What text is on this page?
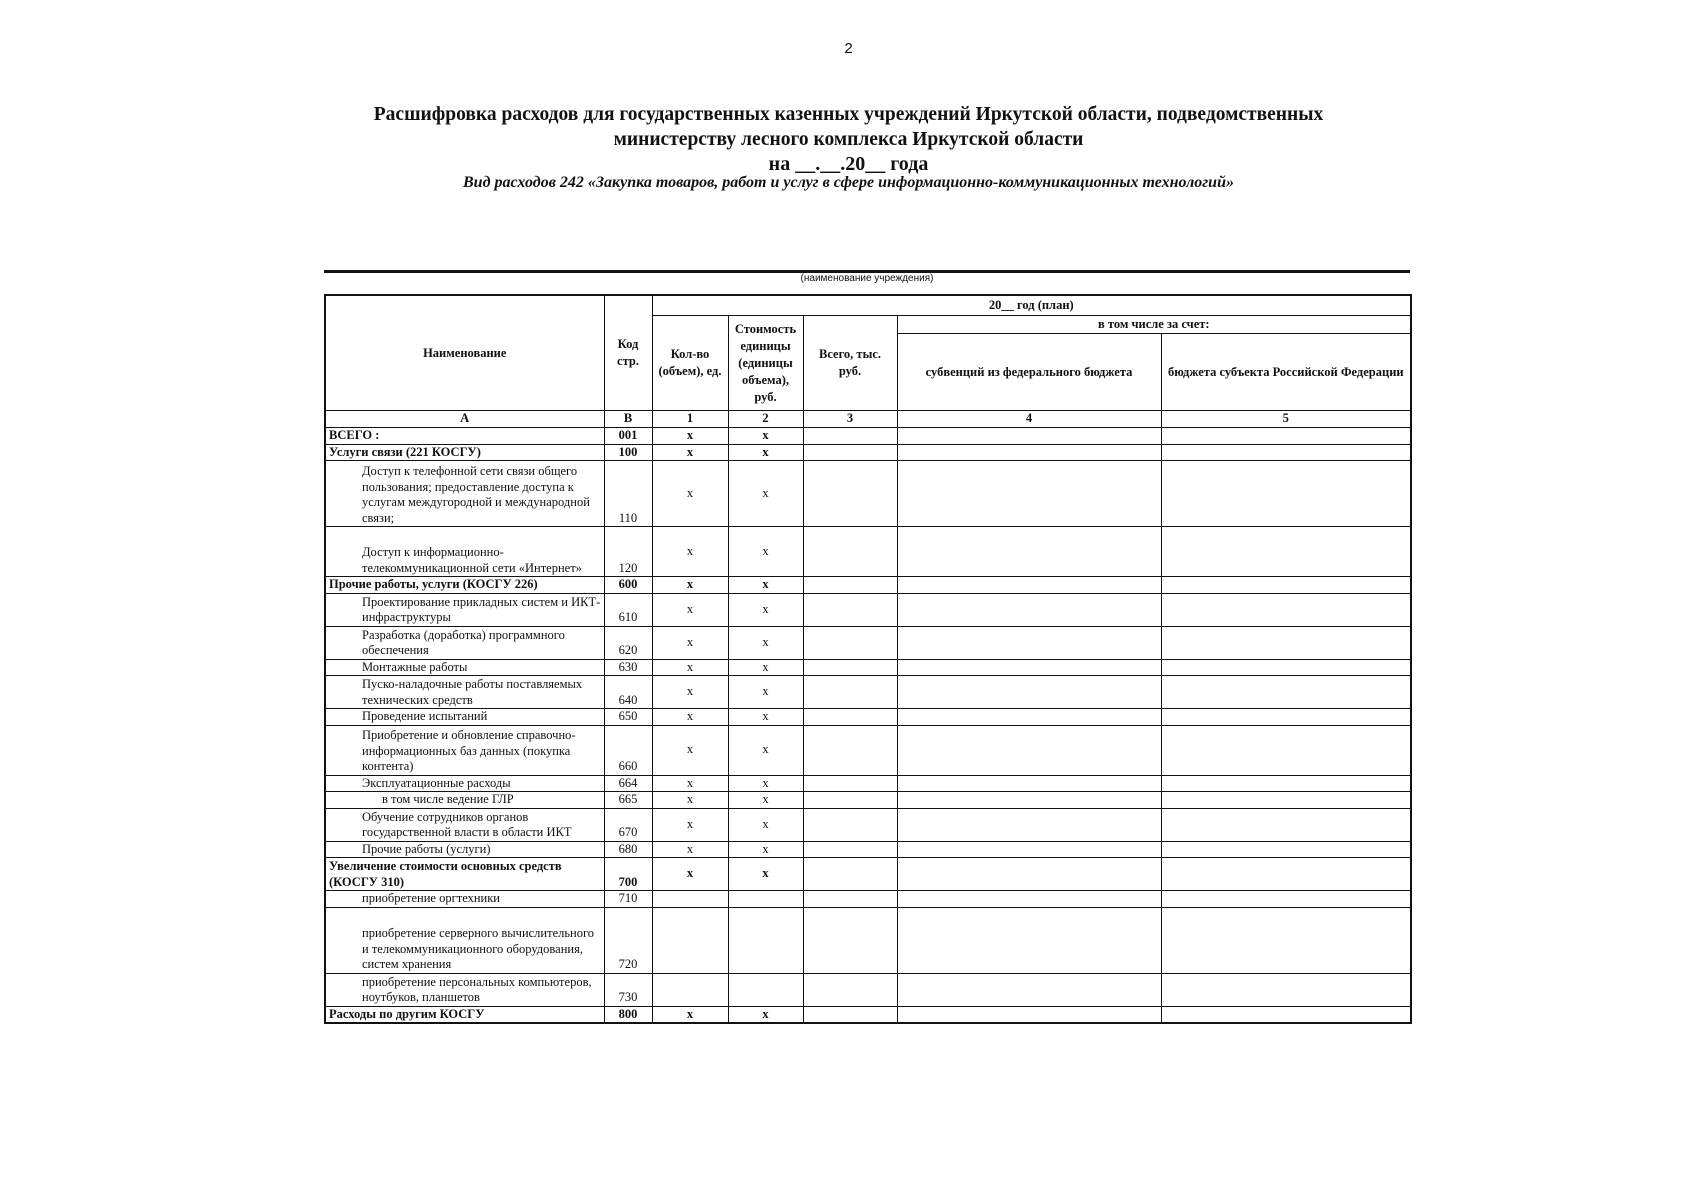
2
Расшифровка расходов для государственных казенных учреждений Иркутской области, подведомственных
министерству лесного комплекса Иркутской области
на __.__.20__ года
Вид расходов 242 «Закупка товаров, работ и услуг в сфере информационно-коммуникационных технологий»
(наименование учреждения)
Наименование	Код стр.	20__ год (план)				
		Кол-во (объем), ед.	Стоимость единицы (единицы объема), руб.	Всего, тыс. руб.	в том числе за счет:	
					субвенций из федерального бюджета	бюджета субъекта Российской Федерации
А	В	1	2	3	4	5
ВСЕГО :	001	х	х			
Услуги связи (221 КОСГУ)	100	х	х			
Доступ к телефонной сети связи общего пользования; предоставление доступа к услугам междугородной и международной связи;	110	х	х			
Доступ к информационно-телекоммуникационной сети «Интернет»	120	х	х			
Прочие работы, услуги (КОСГУ 226)	600	х	х			
Проектирование прикладных систем и ИКТ-инфраструктуры	610	х	х			
Разработка (доработка) программного обеспечения	620	х	х			
Монтажные работы	630	х	х			
Пуско-наладочные работы поставляемых технических средств	640	х	х			
Проведение испытаний	650	х	х			
Приобретение и обновление справочно-информационных баз данных (покупка контента)	660	х	х			
Эксплуатационные расходы	664	х	х			
в том числе ведение ГЛР	665	х	х			
Обучение сотрудников органов государственной власти в области ИКТ	670	х	х			
Прочие работы (услуги)	680	х	х			
Увеличение стоимости основных средств (КОСГУ 310)	700	х	х			
приобретение оргтехники	710					
приобретение серверного вычислительного и телекоммуникационного оборудования, систем хранения	720					
приобретение персональных компьютеров, ноутбуков, планшетов	730					
Расходы по другим КОСГУ	800	х	х			
